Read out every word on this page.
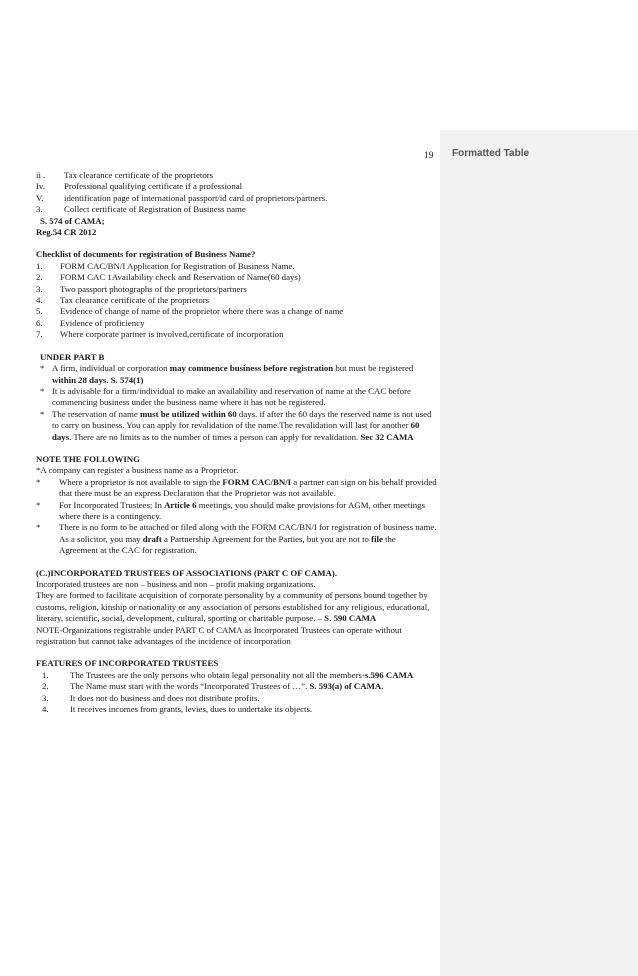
Formatted Table
19
ii .	Tax clearance certificate of the proprietors
Iv.	Professional qualifying certificate if a professional
V.	identification page of international passport/id card of proprietors/partners.
3.	Collect certificate of Registration of Business name
S. 574 of CAMA;
Reg.54 CR 2012
Checklist of documents for registration of Business Name?
1.	FORM CAC/BN/I Application for Registration of Business Name.
2.	FORM CAC 1Availability check and Reservation of Name(60 days)
3.	Two passport photographs of the proprietors/partners
4.	Tax clearance certificate of the proprietors
5.	Evidence of change of name of the proprietor where there was a change of name
6.	Evidence of proficiency
7.	Where corporate partner is involved,certificate of incorporation
UNDER PART B
* A firm, individual or corporation may commence business before registration but must be registered
within 28 days. S. 574(1)
* It is advisable for a firm/individual to make an availability and reservation of name at the CAC before
commencing business under the business name where it has not be registered.
* The reservation of name must be utilized within 60 days. if after the 60 days the reserved name is not used
to carry on business. You can apply for revalidation of the name.The revalidation will last for another 60
days. There are no limits as to the number of times a person can apply for revalidation. Sec 32 CAMA
NOTE THE FOLLOWING
*A company can register a business name as a Proprietor.
*	Where a proprietor is not available to sign the FORM CAC/BN/I a partner can sign on his behalf provided
that there must be an express Declaration that the Proprietor was not available.
*	For Incorporated Trustees; In Article 6 meetings, you should make provisions for AGM, other meetings
where there is a contingency.
*	There is no form to be attached or filed along with the FORM CAC/BN/I for registration of business name.
As a solicitor, you may draft a Partnership Agreement for the Parties, but you are not to file the
Agreement at the CAC for registration.
(C.)INCORPORATED TRUSTEES OF ASSOCIATIONS (PART C OF CAMA).
Incorporated trustees are non – business and non – profit making organizations.
They are formed to facilitate acquisition of corporate personality by a community of persons bound together by
customs, religion, kinship or nationality or any association of persons established for any religious, educational,
literary, scientific, social, development, cultural, sporting or charitable purpose. – S. 590 CAMA
NOTE-Organizations registrable under PART C of CAMA as Incorporated Trustees can operate without
registration but cannot take advantages of the incidence of incorporation
FEATURES OF INCORPORATED TRUSTEES
1.	The Trustees are the only persons who obtain legal personality not all the members-s.596 CAMA
2.	The Name must start with the words “Incorporated Trustees of …”. S. 593(a) of CAMA.
3.	It does not do business and does not distribute profits.
4.	It receives incomes from grants, levies, dues to undertake its objects.
